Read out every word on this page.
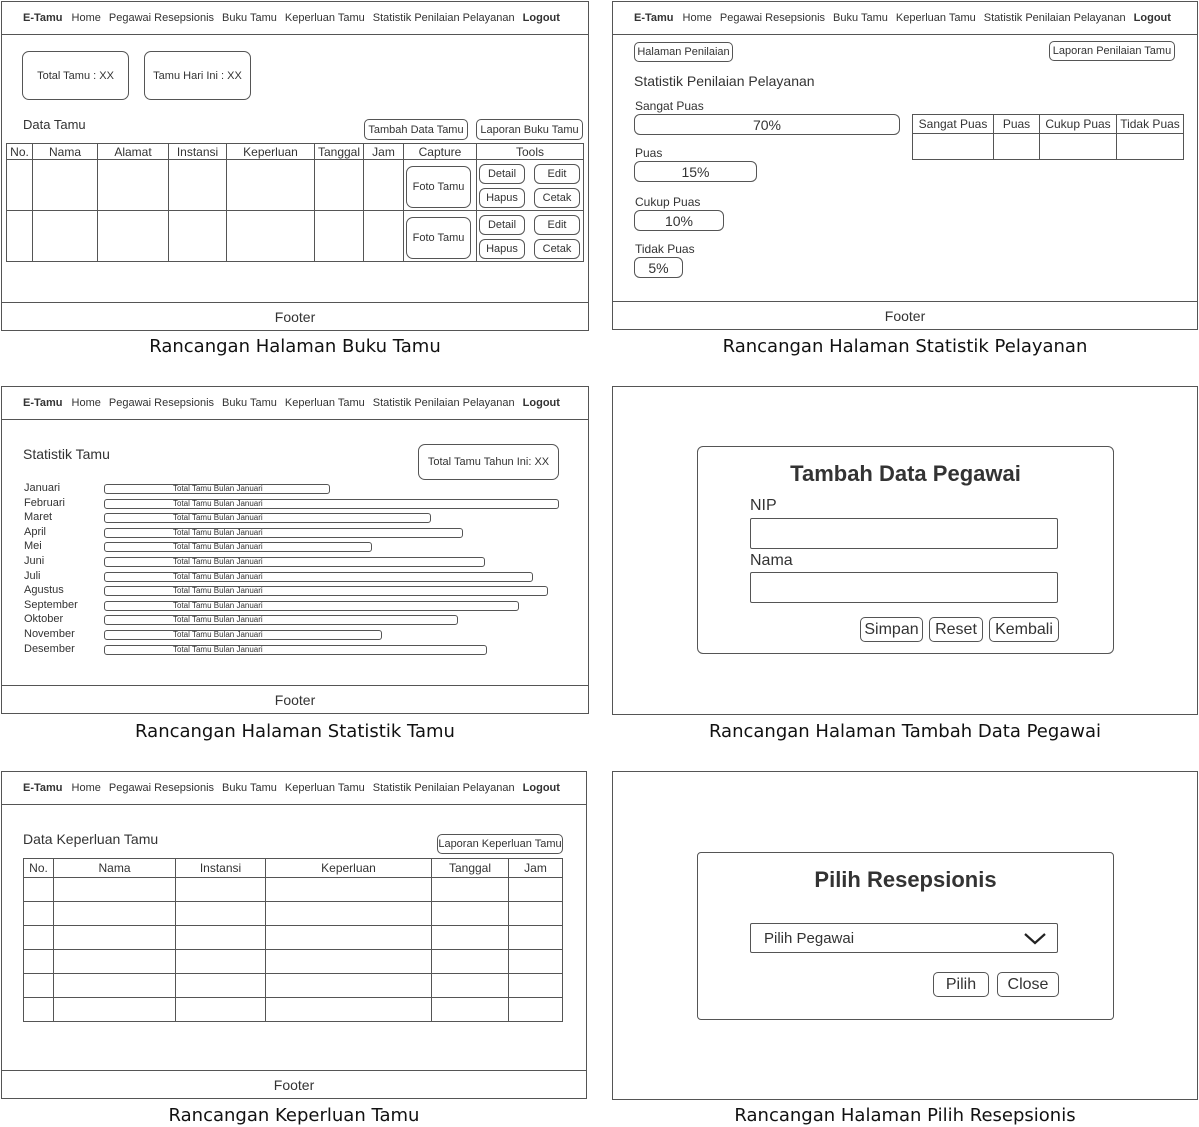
E-Tamu Home Pegawai Resepsionis Buku Tamu Keperluan Tamu Statistik Penilaian Pelayanan Logout
Total Tamu : XX	Tamu Hari Ini : XX
Data Tamu	Tambah Data Tamu	Laporan Buku Tamu
No.	Nama	Alamat	Instansi	Keperluan	Tanggal	Jam	Capture	Tools

Foto Tamu
Detail	Edit
Hapus	Cetak
Foto Tamu
Detail	Edit
Hapus	Cetak
Footer
Rancangan Halaman Buku Tamu
E-Tamu Home Pegawai Resepsionis Buku Tamu Keperluan Tamu Statistik Penilaian Pelayanan Logout
Halaman Penilaian	Laporan Penilaian Tamu
Statistik Penilaian Pelayanan
Sangat Puas
70%
Puas
15%
Cukup Puas
10%
Tidak Puas
5%
Sangat Puas	Puas	Cukup Puas	Tidak Puas

Footer
Rancangan Halaman Statistik Pelayanan
E-Tamu Home Pegawai Resepsionis Buku Tamu Keperluan Tamu Statistik Penilaian Pelayanan Logout
Statistik Tamu	Total Tamu Tahun Ini: XX
Januari
Februari
Maret
April
Mei
Juni
Juli
Agustus
September
Oktober
November
Desember
Total Tamu Bulan Januari
Total Tamu Bulan Januari
Total Tamu Bulan Januari
Total Tamu Bulan Januari
Total Tamu Bulan Januari
Total Tamu Bulan Januari
Total Tamu Bulan Januari
Total Tamu Bulan Januari
Total Tamu Bulan Januari
Total Tamu Bulan Januari
Total Tamu Bulan Januari
Total Tamu Bulan Januari
Footer
Rancangan Halaman Statistik Tamu
Tambah Data Pegawai
NIP
Nama
Simpan	Reset	Kembali
Rancangan Halaman Tambah Data Pegawai
E-Tamu Home Pegawai Resepsionis Buku Tamu Keperluan Tamu Statistik Penilaian Pelayanan Logout
Data Keperluan Tamu	Laporan Keperluan Tamu
No.	Nama	Instansi	Keperluan	Tanggal	Jam

Footer
Rancangan Keperluan Tamu
Pilih Resepsionis
Pilih Pegawai
Pilih	Close
Rancangan Halaman Pilih Resepsionis
